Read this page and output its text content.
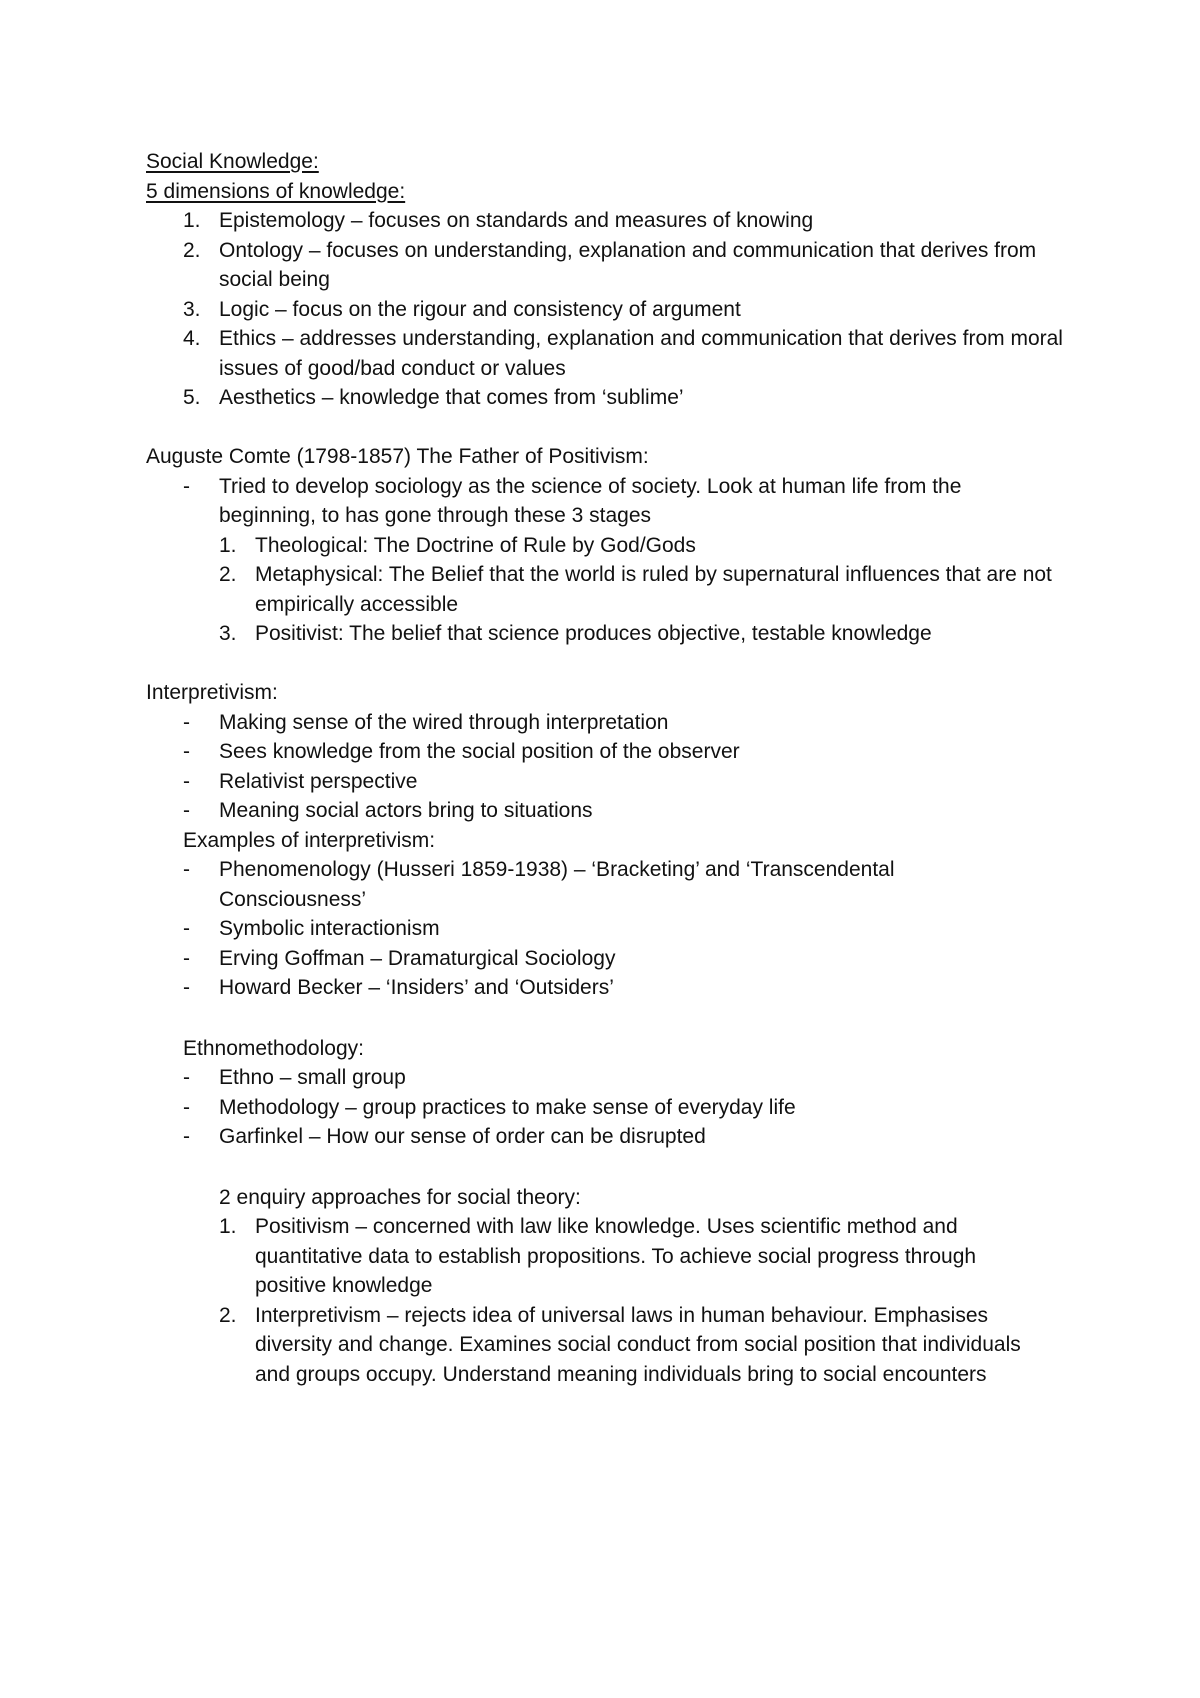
Social Knowledge:

5 dimensions of knowledge:

1. Epistemology – focuses on standards and measures of knowing
2. Ontology – focuses on understanding, explanation and communication that derives from social being
3. Logic – focus on the rigour and consistency of argument
4. Ethics – addresses understanding, explanation and communication that derives from moral issues of good/bad conduct or values
5. Aesthetics – knowledge that comes from ‘sublime’

Auguste Comte (1798-1857) The Father of Positivism:

-	Tried to develop sociology as the science of society. Look at human life from the beginning, to has gone through these 3 stages
1. Theological: The Doctrine of Rule by God/Gods
2. Metaphysical: The Belief that the world is ruled by supernatural influences that are not empirically accessible
3. Positivist: The belief that science produces objective, testable knowledge

Interpretivism:

-	Making sense of the wired through interpretation
-	Sees knowledge from the social position of the observer
-	Relativist perspective
-	Meaning social actors bring to situations

Examples of interpretivism:

-	Phenomenology (Husseri 1859-1938) – ‘Bracketing’ and ‘Transcendental Consciousness’
-	Symbolic interactionism
-	Erving Goffman – Dramaturgical Sociology
-	Howard Becker – ‘Insiders’ and ‘Outsiders’

Ethnomethodology:

-	Ethno – small group
-	Methodology – group practices to make sense of everyday life
-	Garfinkel – How our sense of order can be disrupted

2 enquiry approaches for social theory:

1. Positivism – concerned with law like knowledge. Uses scientific method and quantitative data to establish propositions. To achieve social progress through positive knowledge
2. Interpretivism – rejects idea of universal laws in human behaviour. Emphasises diversity and change. Examines social conduct from social position that individuals and groups occupy. Understand meaning individuals bring to social encounters
